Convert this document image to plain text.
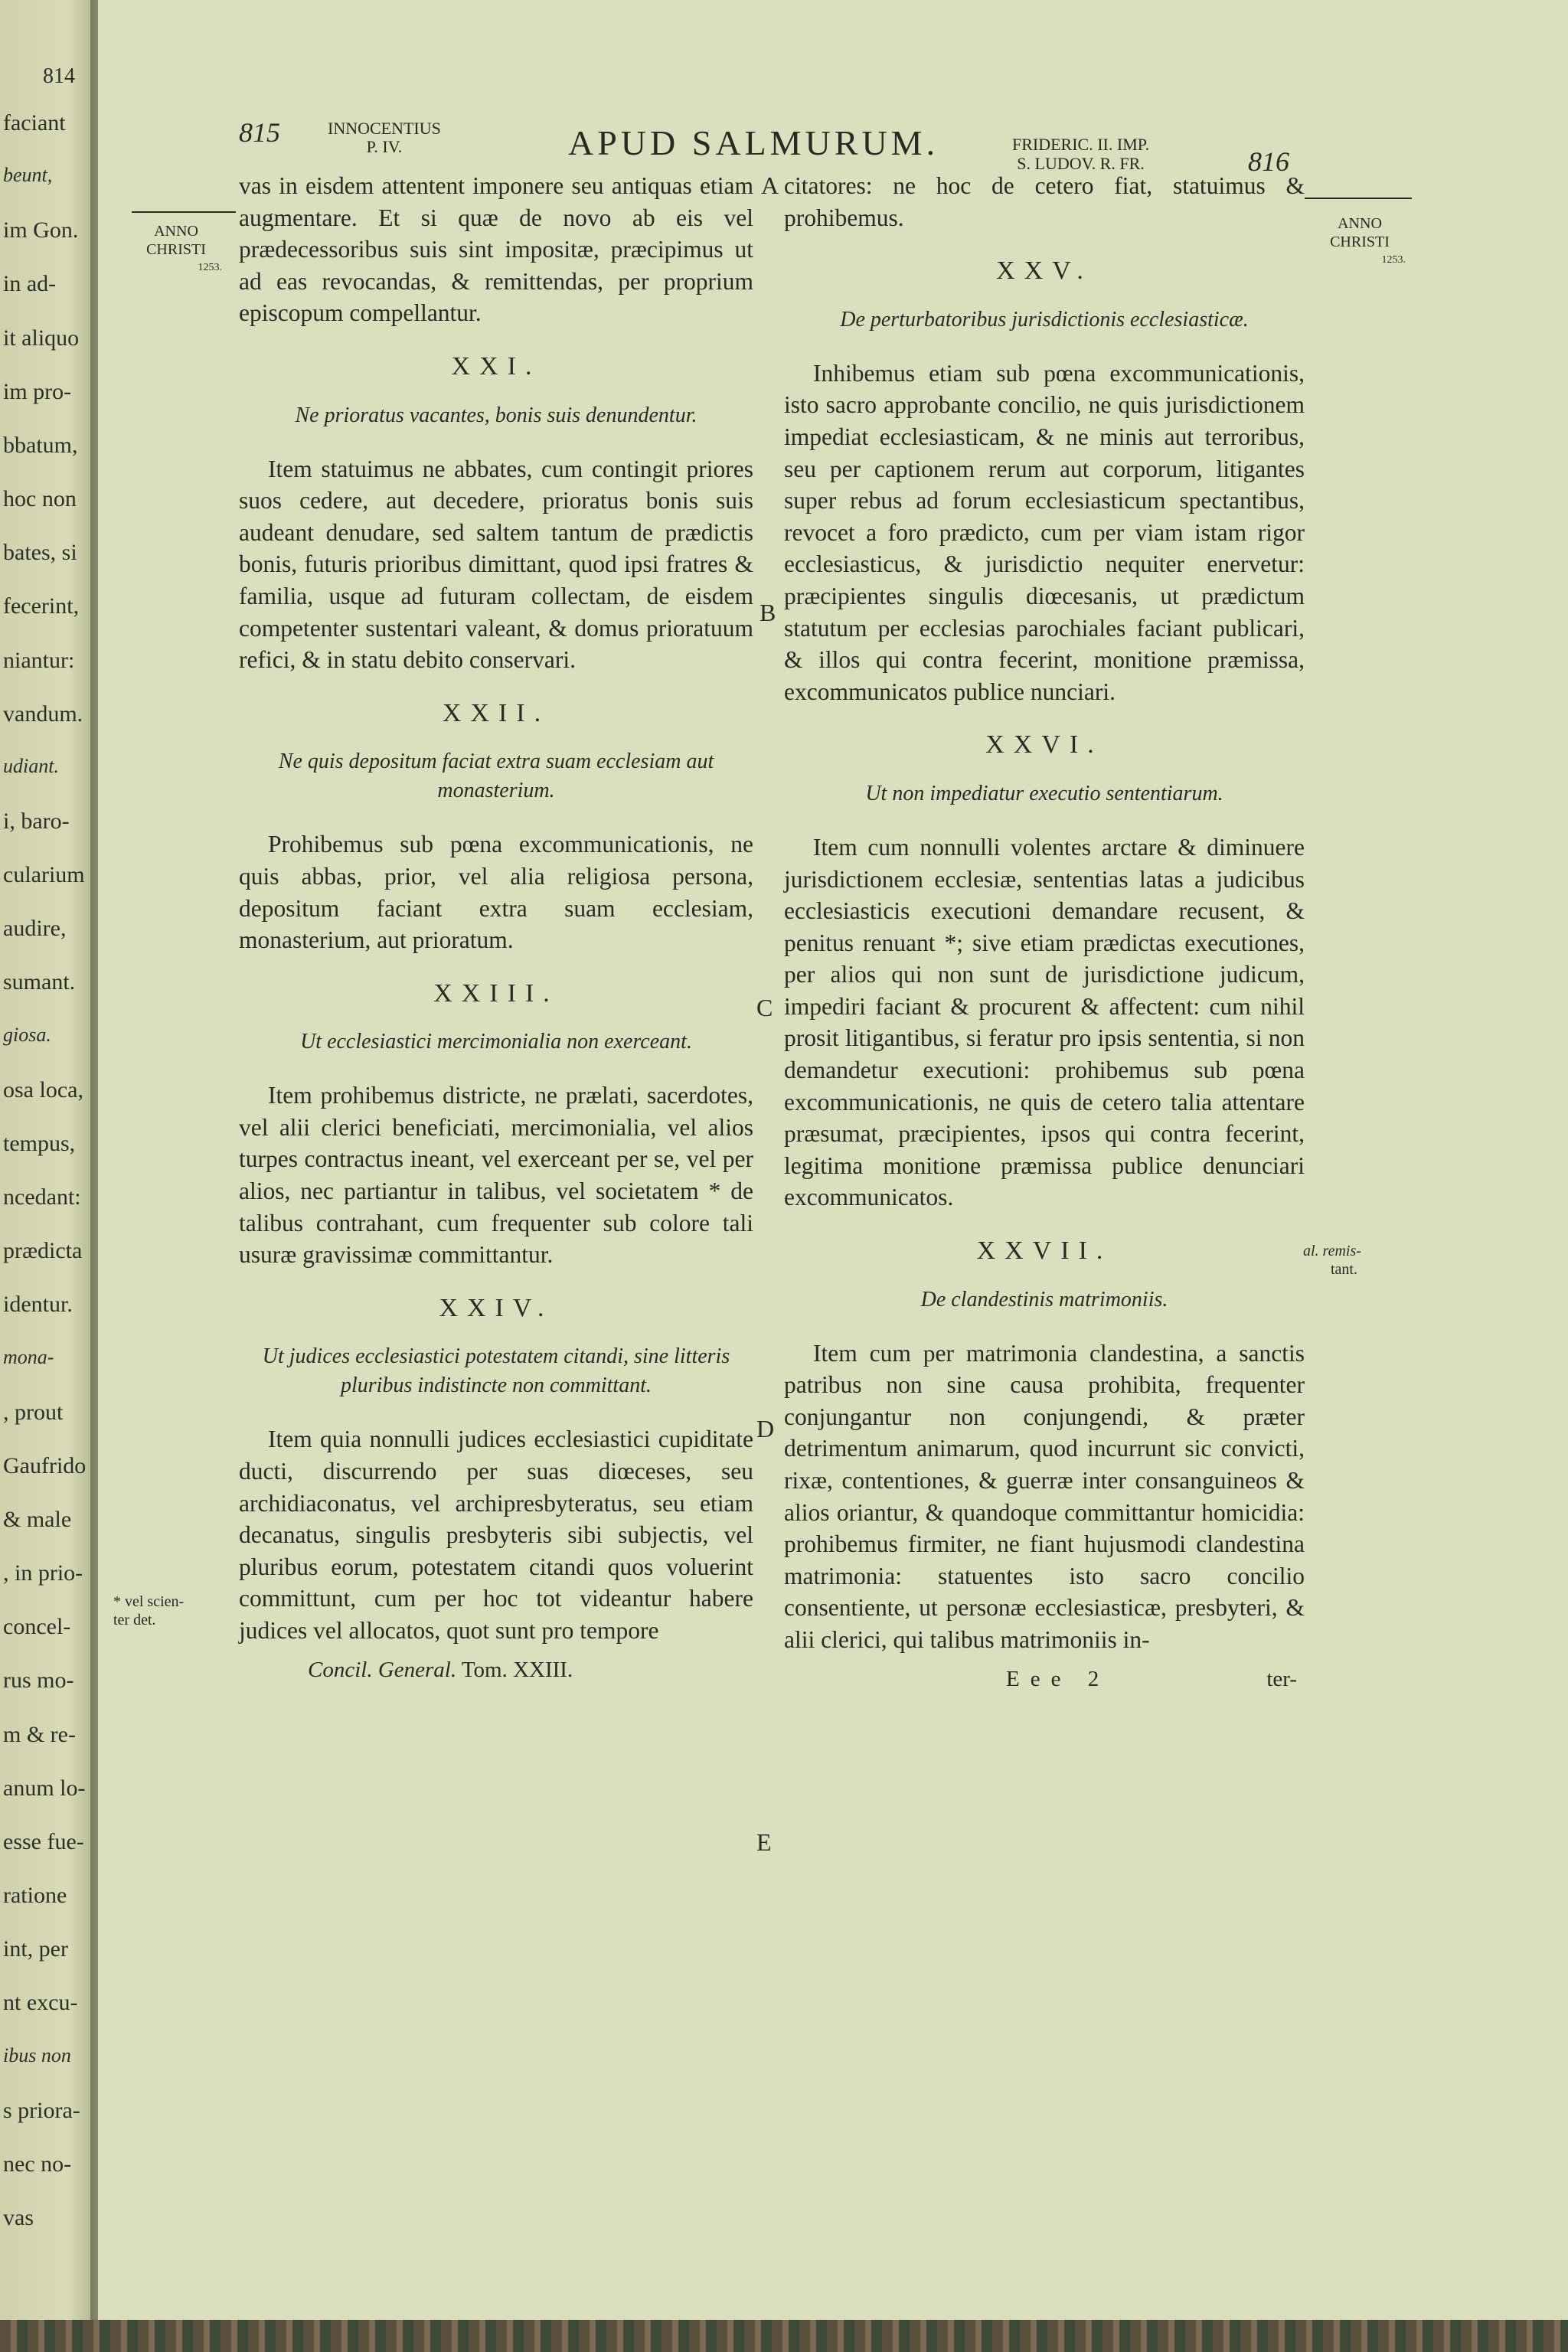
814
faciant
beunt,
im Gon.
in ad-
it aliquo
im pro-
bbatum,
hoc non
bates, si
fecerint,
niantur:
vandum.
udiant.
i, baro-
cularium
audire,
sumant.
giosa.
osa loca,
tempus,
ncedant:
prædicta
identur.
mona-
, prout
Gaufrido
& male
, in prio-
concel-
rus mo-
m & re-
anum lo-
esse fue-
ratione
int, per
nt excu-
ibus non
s priora-
nec no-
vas
815	INNOCENTIUS
P. IV.	APUD SALMURUM.	FRIDERIC. II. IMP.
S. LUDOV. R. FR.	816
ANNO
CHRISTI
1253.
ANNO
CHRISTI
1253.
* vel scien-
ter det.
al. remis-
tant.
A
B
C
D
E

vas in eisdem attentent imponere seu antiquas etiam augmentare. Et si quæ de novo ab eis vel prædecessoribus suis sint impositæ, præcipimus ut ad eas revocandas, & remittendas, per proprium episcopum compellantur.

XXI.
Ne prioratus vacantes, bonis suis denundentur.

Item statuimus ne abbates, cum contingit priores suos cedere, aut decedere, prioratus bonis suis audeant denudare, sed saltem tantum de prædictis bonis, futuris prioribus dimittant, quod ipsi fratres & familia, usque ad futuram collectam, de eisdem competenter sustentari valeant, & domus prioratuum refici, & in statu debito conservari.

XXII.
Ne quis depositum faciat extra suam ecclesiam aut monasterium.

Prohibemus sub pœna excommunicationis, ne quis abbas, prior, vel alia religiosa persona, depositum faciant extra suam ecclesiam, monasterium, aut prioratum.

XXIII.
Ut ecclesiastici mercimonialia non exerceant.

Item prohibemus districte, ne prælati, sacerdotes, vel alii clerici beneficiati, mercimonialia, vel alios turpes contractus ineant, vel exerceant per se, vel per alios, nec partiantur in talibus, vel societatem * de talibus contrahant, cum frequenter sub colore tali usuræ gravissimæ committantur.

XXIV.
Ut judices ecclesiastici potestatem citandi, sine litteris pluribus indistincte non committant.

Item quia nonnulli judices ecclesiastici cupiditate ducti, discurrendo per suas diœceses, seu archidiaconatus, vel archipresbyteratus, seu etiam decanatus, singulis presbyteris sibi subjectis, vel pluribus eorum, potestatem citandi quos voluerint committunt, cum per hoc tot videantur habere judices vel allocatos, quot sunt pro tempore

Concil. General. Tom. XXIII.

citatores: ne hoc de cetero fiat, statuimus & prohibemus.

XXV.
De perturbatoribus jurisdictionis ecclesiasticæ.

Inhibemus etiam sub pœna excommunicationis, isto sacro approbante concilio, ne quis jurisdictionem impediat ecclesiasticam, & ne minis aut terroribus, seu per captionem rerum aut corporum, litigantes super rebus ad forum ecclesiasticum spectantibus, revocet a foro prædicto, cum per viam istam rigor ecclesiasticus, & jurisdictio nequiter enervetur: præcipientes singulis diœcesanis, ut prædictum statutum per ecclesias parochiales faciant publicari, & illos qui contra fecerint, monitione præmissa, excommunicatos publice nunciari.

XXVI.
Ut non impediatur executio sententiarum.

Item cum nonnulli volentes arctare & diminuere jurisdictionem ecclesiæ, sententias latas a judicibus ecclesiasticis executioni demandare recusent, & penitus renuant *; sive etiam prædictas executiones, per alios qui non sunt de jurisdictione judicum, impediri faciant & procurent & affectent: cum nihil prosit litigantibus, si feratur pro ipsis sententia, si non demandetur executioni: prohibemus sub pœna excommunicationis, ne quis de cetero talia attentare præsumat, præcipientes, ipsos qui contra fecerint, legitima monitione præmissa publice denunciari excommunicatos.

XXVII.
De clandestinis matrimoniis.

Item cum per matrimonia clandestina, a sanctis patribus non sine causa prohibita, frequenter conjungantur non conjungendi, & præter detrimentum animarum, quod incurrunt sic convicti, rixæ, contentiones, & guerræ inter consanguineos & alios oriantur, & quandoque committantur homicidia: prohibemus firmiter, ne fiant hujusmodi clandestina matrimonia: statuentes isto sacro concilio consentiente, ut personæ ecclesiasticæ, presbyteri, & alii clerici, qui talibus matrimoniis in-

Eee 2	ter-
